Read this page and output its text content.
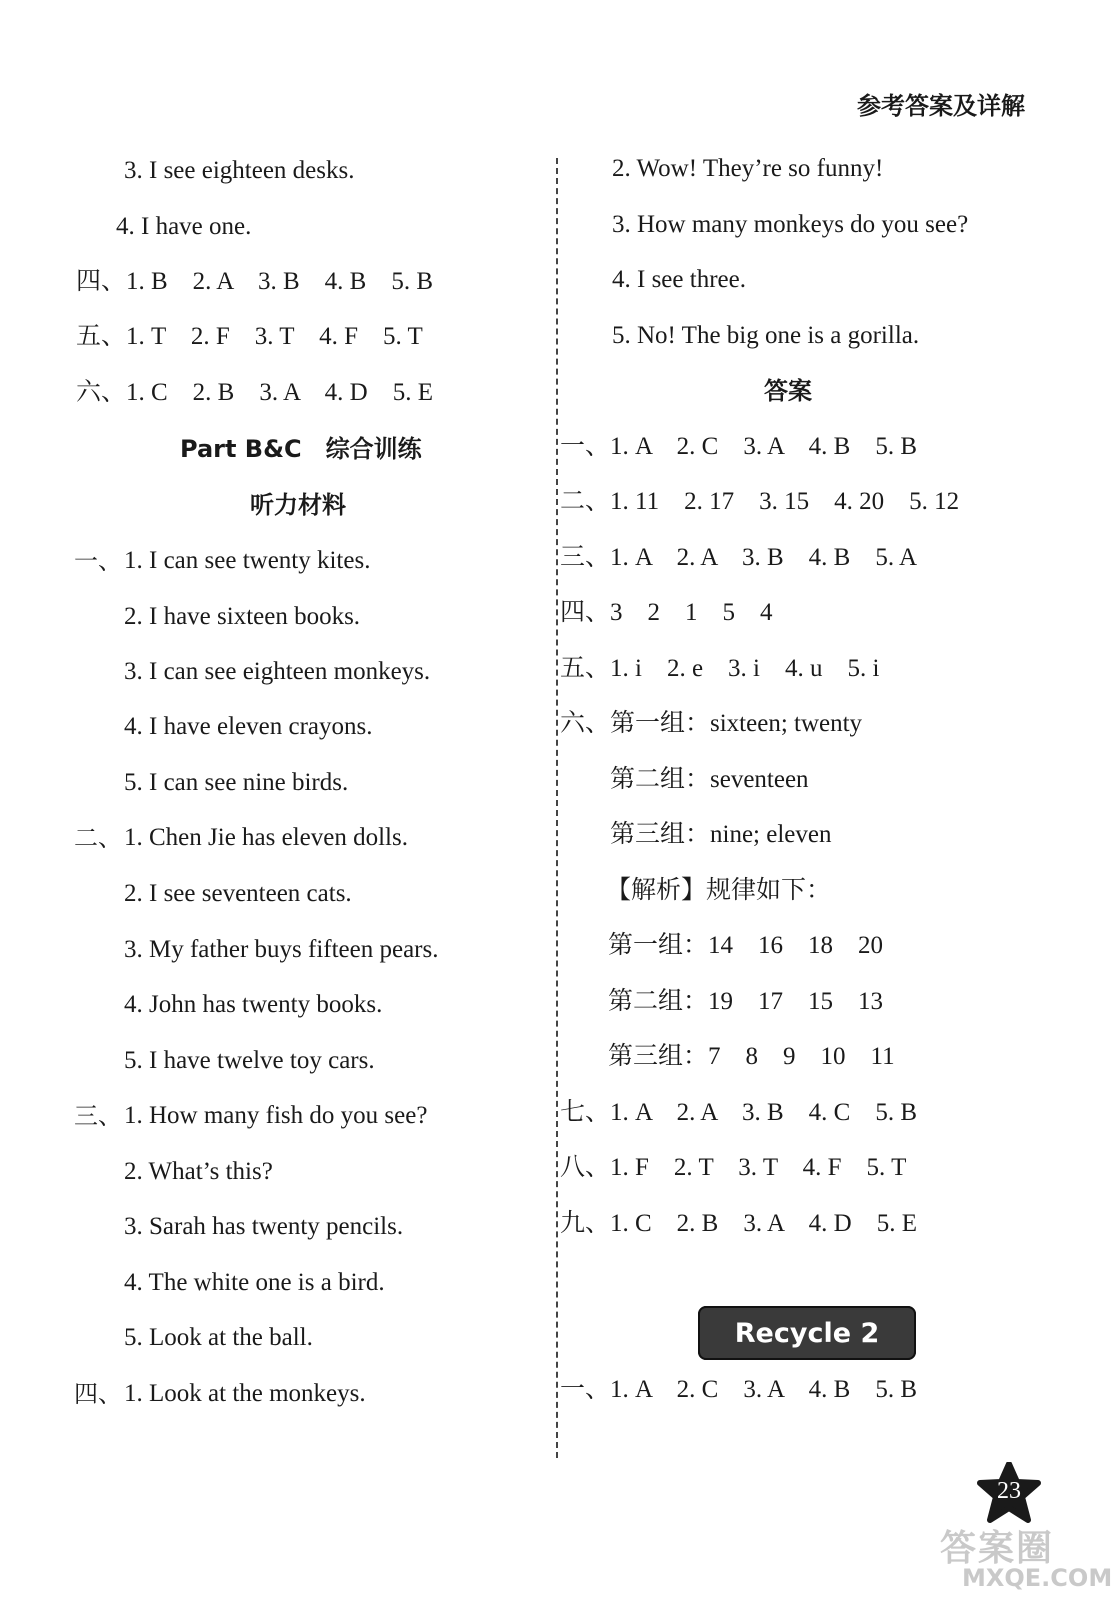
参考答案及详解
3. I see eighteen desks.
4. I have one.
四、1. B　2. A　3. B　4. B　5. B
五、1. T　2. F　3. T　4. F　5. T
六、1. C　2. B　3. A　4. D　5. E
Part B&C　综合训练
听力材料
一、 1. I can see twenty kites.
2. I have sixteen books.
3. I can see eighteen monkeys.
4. I have eleven crayons.
5. I can see nine birds.
二、 1. Chen Jie has eleven dolls.
2. I see seventeen cats.
3. My father buys fifteen pears.
4. John has twenty books.
5. I have twelve toy cars.
三、 1. How many fish do you see?
2. What’s this?
3. Sarah has twenty pencils.
4. The white one is a bird.
5. Look at the ball.
四、 1. Look at the monkeys.
2. Wow! They’re so funny!
3. How many monkeys do you see?
4. I see three.
5. No! The big one is a gorilla.
答案
一、1. A　2. C　3. A　4. B　5. B
二、1. 11　2. 17　3. 15　4. 20　5. 12
三、1. A　2. A　3. B　4. B　5. A
四、3　2　1　5　4
五、1. i　2. e　3. i　4. u　5. i
六、第一组：sixteen; twenty
第二组：seventeen
第三组：nine; eleven
【解析】规律如下：
第一组：14　16　18　20
第二组：19　17　15　13
第三组：7　8　9　10　11
七、1. A　2. A　3. B　4. C　5. B
八、1. F　2. T　3. T　4. F　5. T
九、1. C　2. B　3. A　4. D　5. E
Recycle 2
一、1. A　2. C　3. A　4. B　5. B
23
答案圈
MXQE.COM
